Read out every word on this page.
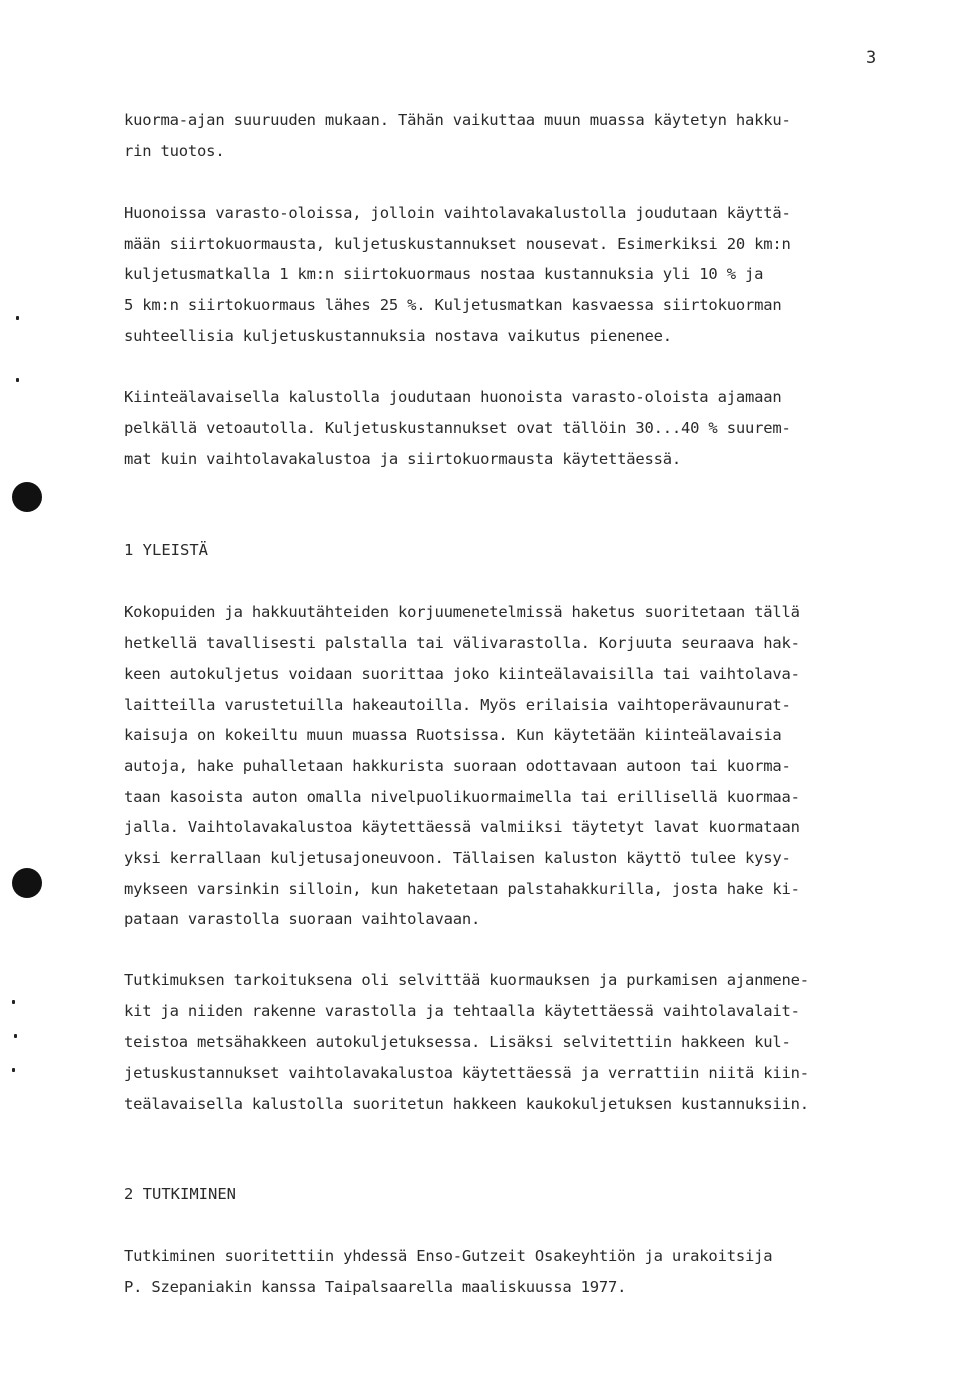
3
kuorma-ajan suuruuden mukaan. Tähän vaikuttaa muun muassa käytetyn hakku-
rin tuotos.
Huonoissa varasto-oloissa, jolloin vaihtolavakalustolla joudutaan käyttä-
mään siirtokuormausta, kuljetuskustannukset nousevat. Esimerkiksi 20 km:n
kuljetusmatkalla 1 km:n siirtokuormaus nostaa kustannuksia yli 10 % ja
5 km:n siirtokuormaus lähes 25 %. Kuljetusmatkan kasvaessa siirtokuorman
suhteellisia kuljetuskustannuksia nostava vaikutus pienenee.
Kiinteälavaisella kalustolla joudutaan huonoista varasto-oloista ajamaan
pelkällä vetoautolla. Kuljetuskustannukset ovat tällöin 30...40 % suurem-
mat kuin vaihtolavakalustoa ja siirtokuormausta käytettäessä.
1 YLEISTÄ
Kokopuiden ja hakkuutähteiden korjuumenetelmissä haketus suoritetaan tällä
hetkellä tavallisesti palstalla tai välivarastolla. Korjuuta seuraava hak-
keen autokuljetus voidaan suorittaa joko kiinteälavaisilla tai vaihtolava-
laitteilla varustetuilla hakeautoilla. Myös erilaisia vaihtoperävaunurat-
kaisuja on kokeiltu muun muassa Ruotsissa. Kun käytetään kiinteälavaisia
autoja, hake puhalletaan hakkurista suoraan odottavaan autoon tai kuorma-
taan kasoista auton omalla nivelpuolikuormaimella tai erillisellä kuormaa-
jalla. Vaihtolavakalustoa käytettäessä valmiiksi täytetyt lavat kuormataan
yksi kerrallaan kuljetusajoneuvoon. Tällaisen kaluston käyttö tulee kysy-
mykseen varsinkin silloin, kun haketetaan palstahakkurilla, josta hake ki-
pataan varastolla suoraan vaihtolavaan.
Tutkimuksen tarkoituksena oli selvittää kuormauksen ja purkamisen ajanmene-
kit ja niiden rakenne varastolla ja tehtaalla käytettäessä vaihtolavalait-
teistoa metsähakkeen autokuljetuksessa. Lisäksi selvitettiin hakkeen kul-
jetuskustannukset vaihtolavakalustoa käytettäessä ja verrattiin niitä kiin-
teälavaisella kalustolla suoritetun hakkeen kaukokuljetuksen kustannuksiin.
2 TUTKIMINEN
Tutkiminen suoritettiin yhdessä Enso-Gutzeit Osakeyhtiön ja urakoitsija
P. Szepaniakin kanssa Taipalsaarella maaliskuussa 1977.
